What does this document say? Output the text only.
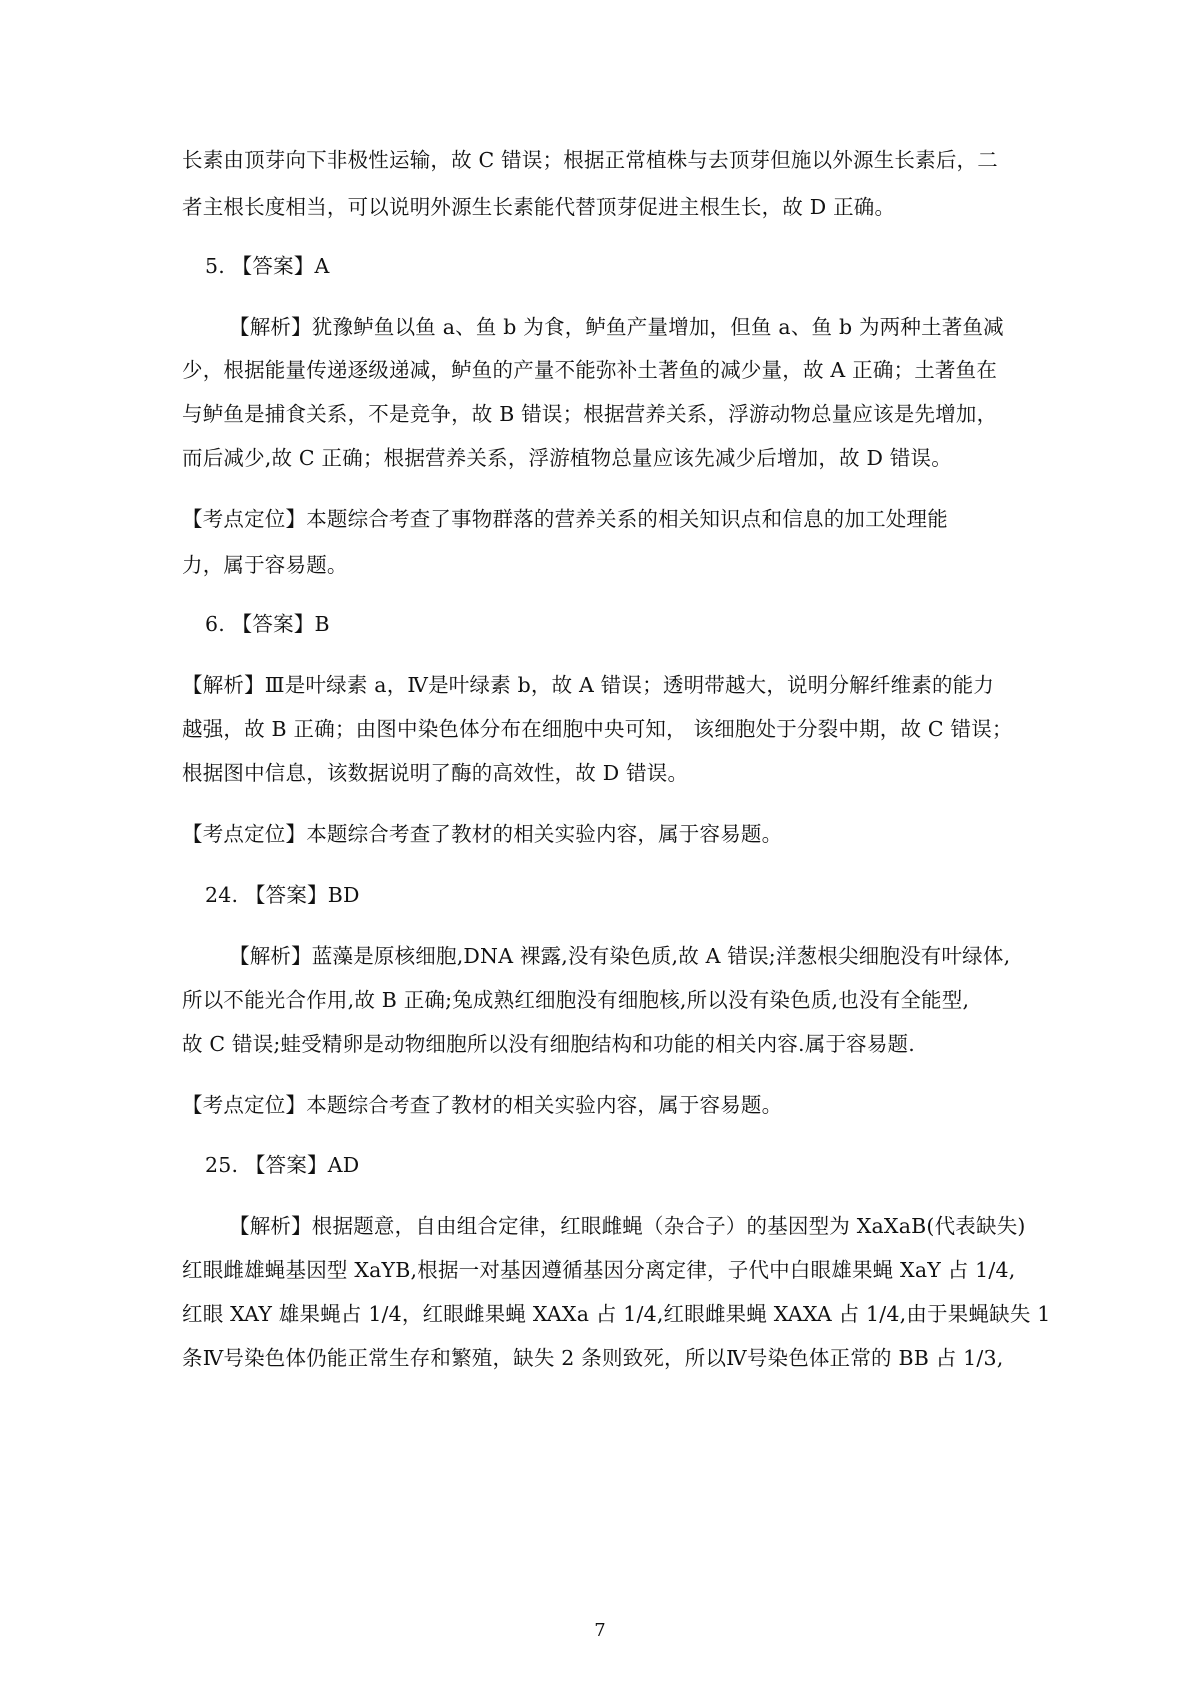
长素由顶芽向下非极性运输，故 C 错误；根据正常植株与去顶芽但施以外源生长素后，二
者主根长度相当，可以说明外源生长素能代替顶芽促进主根生长，故 D 正确。
5. 【答案】A
【解析】犹豫鲈鱼以鱼 a、鱼 b 为食，鲈鱼产量增加，但鱼 a、鱼 b 为两种土著鱼减
少，根据能量传递逐级递减，鲈鱼的产量不能弥补土著鱼的减少量，故 A 正确；土著鱼在
与鲈鱼是捕食关系，不是竞争，故 B 错误；根据营养关系，浮游动物总量应该是先增加，
而后减少,故 C 正确；根据营养关系，浮游植物总量应该先减少后增加，故 D 错误。
【考点定位】本题综合考查了事物群落的营养关系的相关知识点和信息的加工处理能
力，属于容易题。
6. 【答案】B
【解析】Ⅲ是叶绿素 a，Ⅳ是叶绿素 b，故 A 错误；透明带越大，说明分解纤维素的能力
越强，故 B 正确；由图中染色体分布在细胞中央可知， 该细胞处于分裂中期，故 C 错误；
根据图中信息，该数据说明了酶的高效性，故 D 错误。
【考点定位】本题综合考查了教材的相关实验内容，属于容易题。
24. 【答案】BD
【解析】蓝藻是原核细胞,DNA 裸露,没有染色质,故 A 错误;洋葱根尖细胞没有叶绿体,
所以不能光合作用,故 B 正确;兔成熟红细胞没有细胞核,所以没有染色质,也没有全能型,
故 C 错误;蛙受精卵是动物细胞所以没有细胞结构和功能的相关内容.属于容易题.
【考点定位】本题综合考查了教材的相关实验内容，属于容易题。
25. 【答案】AD
【解析】根据题意，自由组合定律，红眼雌蝇（杂合子）的基因型为 XaXaB(代表缺失)
红眼雌雄蝇基因型 XaYB,根据一对基因遵循基因分离定律，子代中白眼雄果蝇 XaY 占 1/4,
红眼 XAY 雄果蝇占 1/4，红眼雌果蝇 XAXa 占 1/4,红眼雌果蝇 XAXA 占 1/4,由于果蝇缺失 1
条Ⅳ号染色体仍能正常生存和繁殖，缺失 2 条则致死，所以Ⅳ号染色体正常的 BB 占 1/3,
7
